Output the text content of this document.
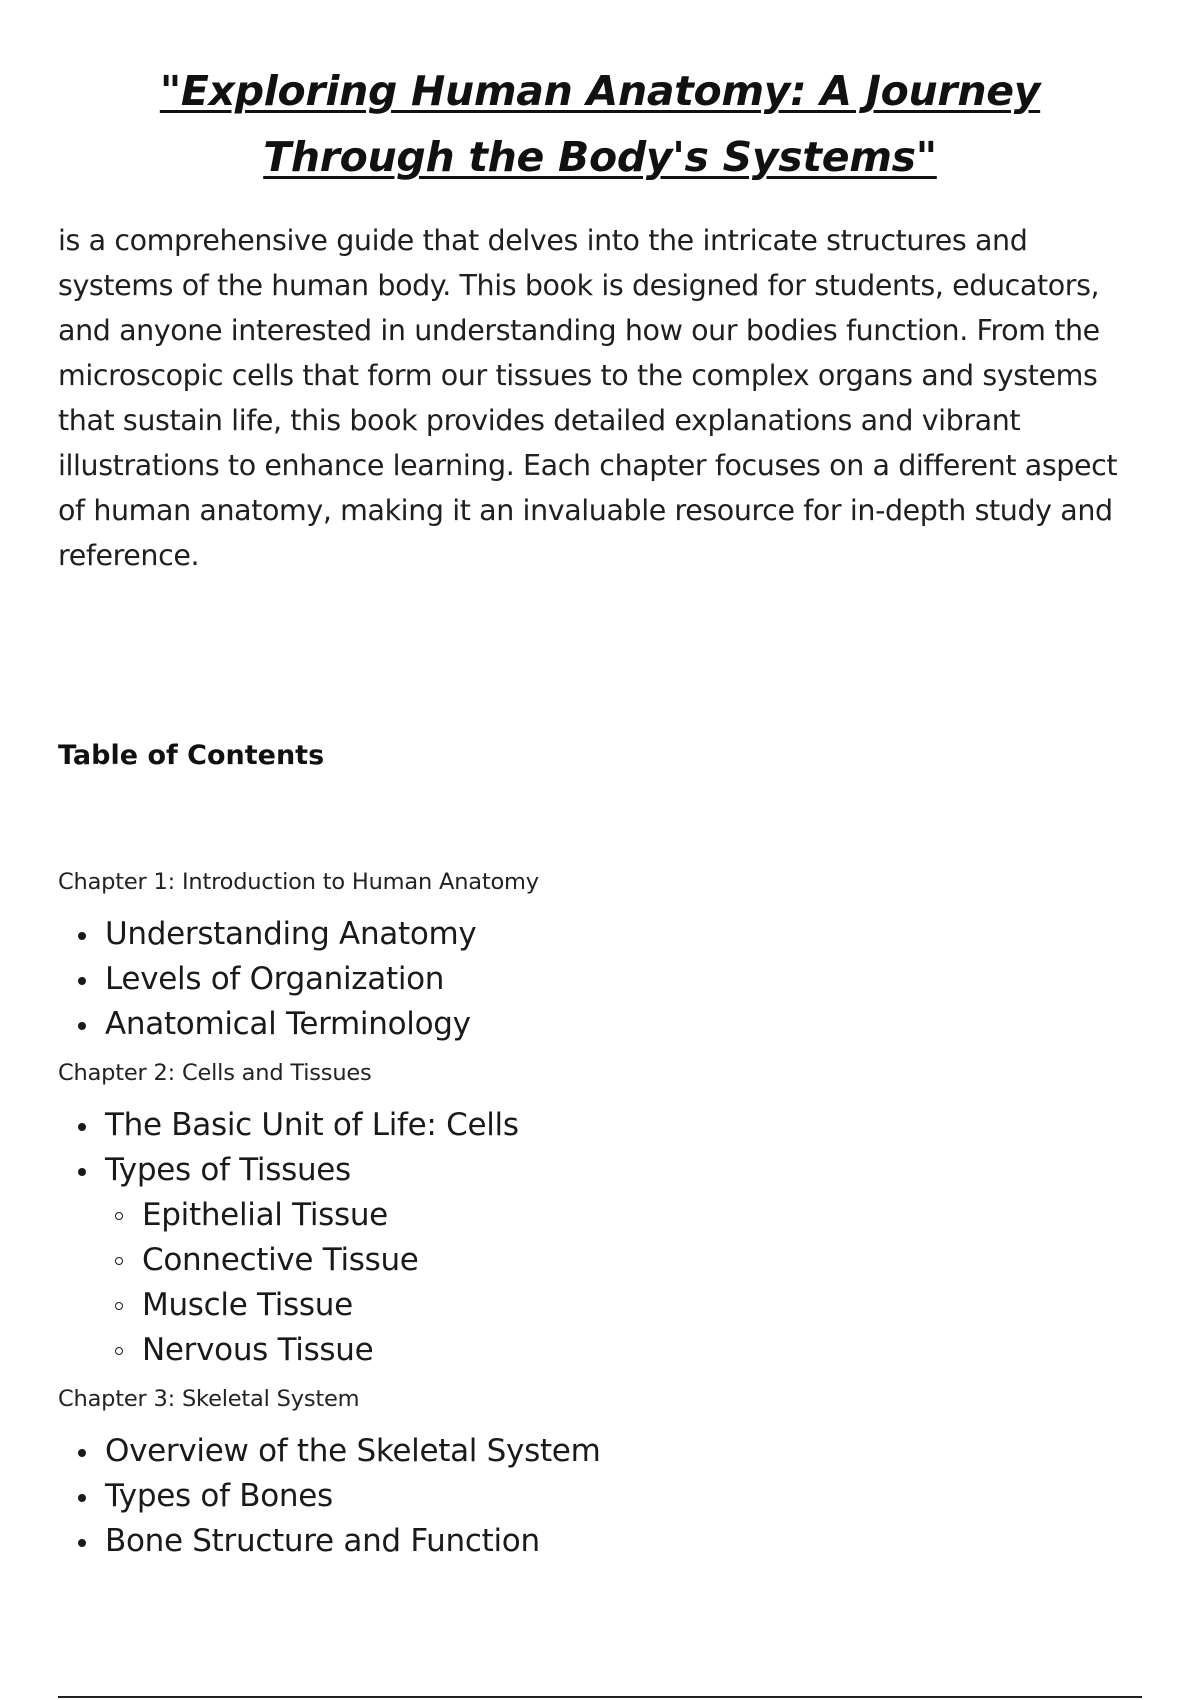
"Exploring Human Anatomy: A Journey
Through the Body's Systems"

is a comprehensive guide that delves into the intricate structures and systems of the human body. This book is designed for students, educators, and anyone interested in understanding how our bodies function. From the microscopic cells that form our tissues to the complex organs and systems that sustain life, this book provides detailed explanations and vibrant illustrations to enhance learning. Each chapter focuses on a different aspect of human anatomy, making it an invaluable resource for in-depth study and reference.

Table of Contents

Chapter 1: Introduction to Human Anatomy

Understanding Anatomy
Levels of Organization
Anatomical Terminology

Chapter 2: Cells and Tissues

The Basic Unit of Life: Cells
Types of Tissues
Epithelial Tissue
Connective Tissue
Muscle Tissue
Nervous Tissue

Chapter 3: Skeletal System

Overview of the Skeletal System
Types of Bones
Bone Structure and Function
